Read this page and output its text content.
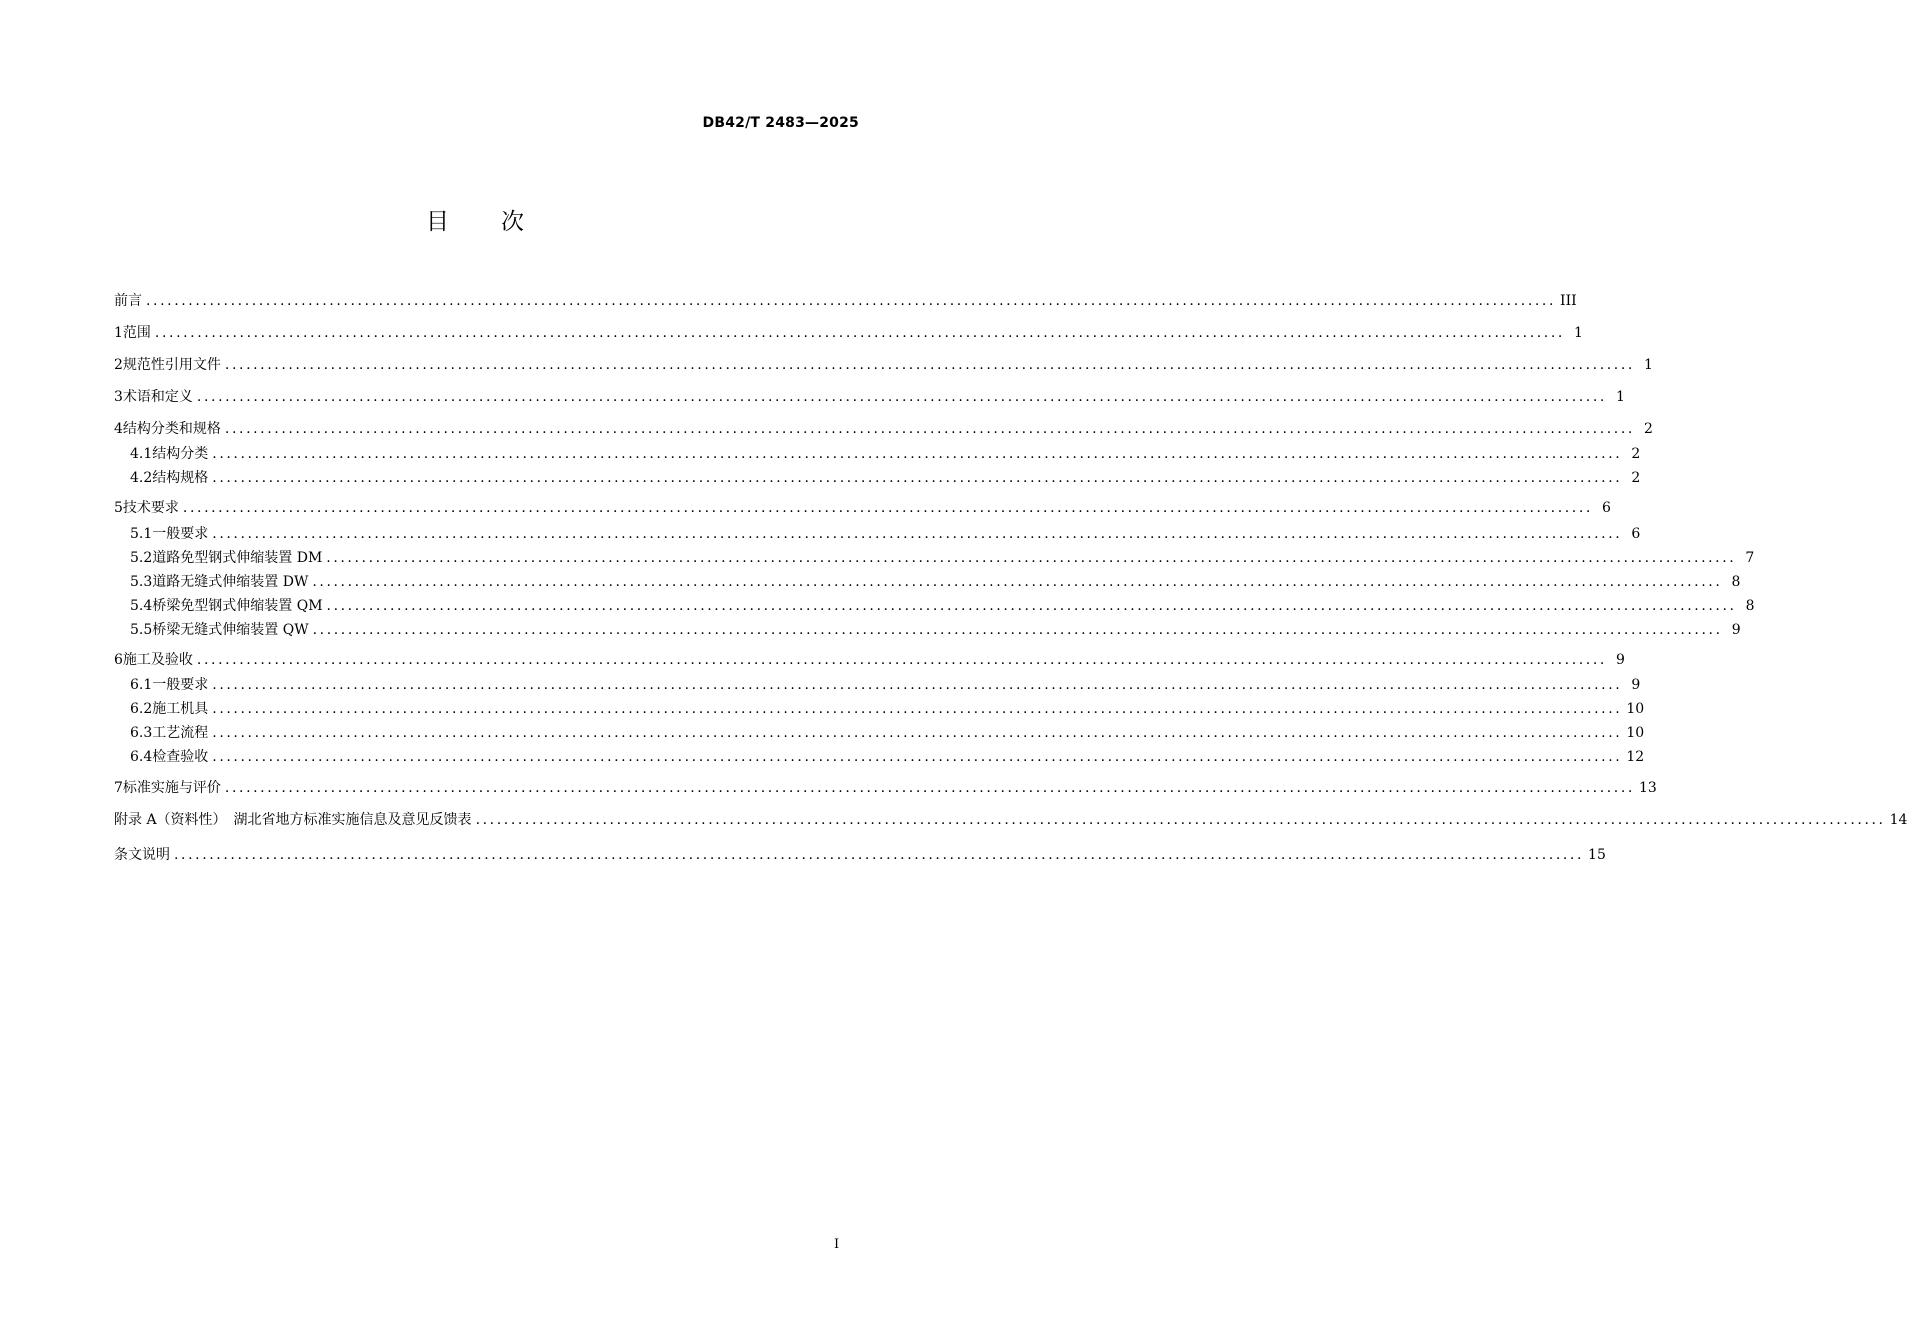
DB42/T 2483—2025
目 次
前言 ........................................................................................................................................................................................................ III
1 范围 ........................................................................................................................................................................................................ 1
2 规范性引用文件 ........................................................................................................................................................................................................ 1
3 术语和定义 ........................................................................................................................................................................................................ 1
4 结构分类和规格 ........................................................................................................................................................................................................ 2
4.1 结构分类 ........................................................................................................................................................................................................ 2
4.2 结构规格 ........................................................................................................................................................................................................ 2
5 技术要求 ........................................................................................................................................................................................................ 6
5.1 一般要求 ........................................................................................................................................................................................................ 6
5.2 道路免型钢式伸缩装置 DM ........................................................................................................................................................................................................ 7
5.3 道路无缝式伸缩装置 DW ........................................................................................................................................................................................................ 8
5.4 桥梁免型钢式伸缩装置 QM ........................................................................................................................................................................................................ 8
5.5 桥梁无缝式伸缩装置 QW ........................................................................................................................................................................................................ 9
6 施工及验收 ........................................................................................................................................................................................................ 9
6.1 一般要求 ........................................................................................................................................................................................................ 9
6.2 施工机具 ........................................................................................................................................................................................................ 10
6.3 工艺流程 ........................................................................................................................................................................................................ 10
6.4 检查验收 ........................................................................................................................................................................................................ 12
7 标准实施与评价 ........................................................................................................................................................................................................ 13
附录 A（资料性）　湖北省地方标准实施信息及意见反馈表 ........................................................................................................................................................................................................ 14
条文说明 ........................................................................................................................................................................................................ 15
I
